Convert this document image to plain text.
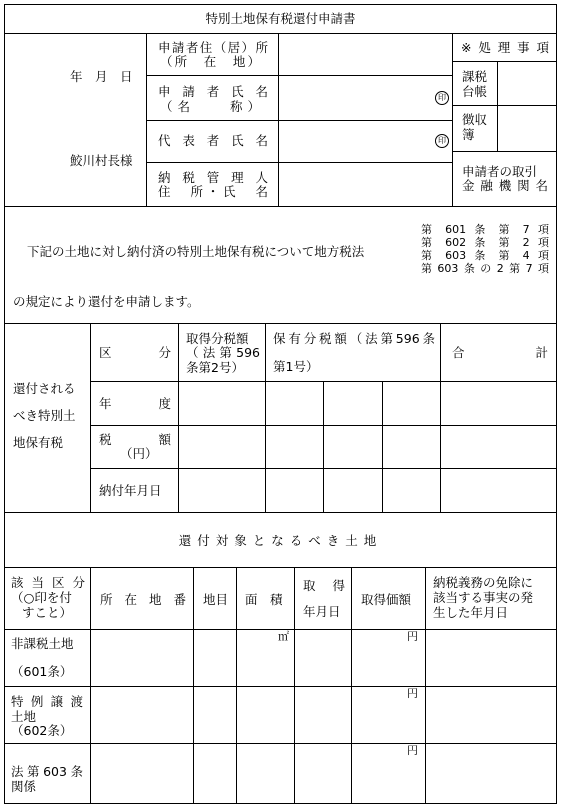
特別土地保有税還付申請書
年　月　日
鮫川村長様
申請者住（居）所
（所　在　地）
申請者氏名
（名　　称）
印
代表者氏名	印
納税管理人
住　所・氏　名
※処理事項
課税
台帳
徴収
簿
申請者の取引
金融機関名
下記の土地に対し納付済の特別土地保有税について地方税法
第 601 条 第 7 項
第 602 条 第 2 項
第 603 条 第 4 項
第603条の2第7項
の規定により還付を申請します。
還付される
べき特別土
地保有税
区　　分
取得分税額
（法第596
条第2号）
保有分税額（法第596条
第1号）
合　　　計
年　　度
税　　額
（円）
納付年月日
還付対象となるべき土地
該当区分
（○印を付
すこと）
所在地番 地目 面　積
取　得
年月日
取得価額
納税義務の免除に
該当する事実の発
生した年月日
非課税土地
（601条）
㎡	円
特例譲渡
土地
（602条）
円
法第603条
関係
円
